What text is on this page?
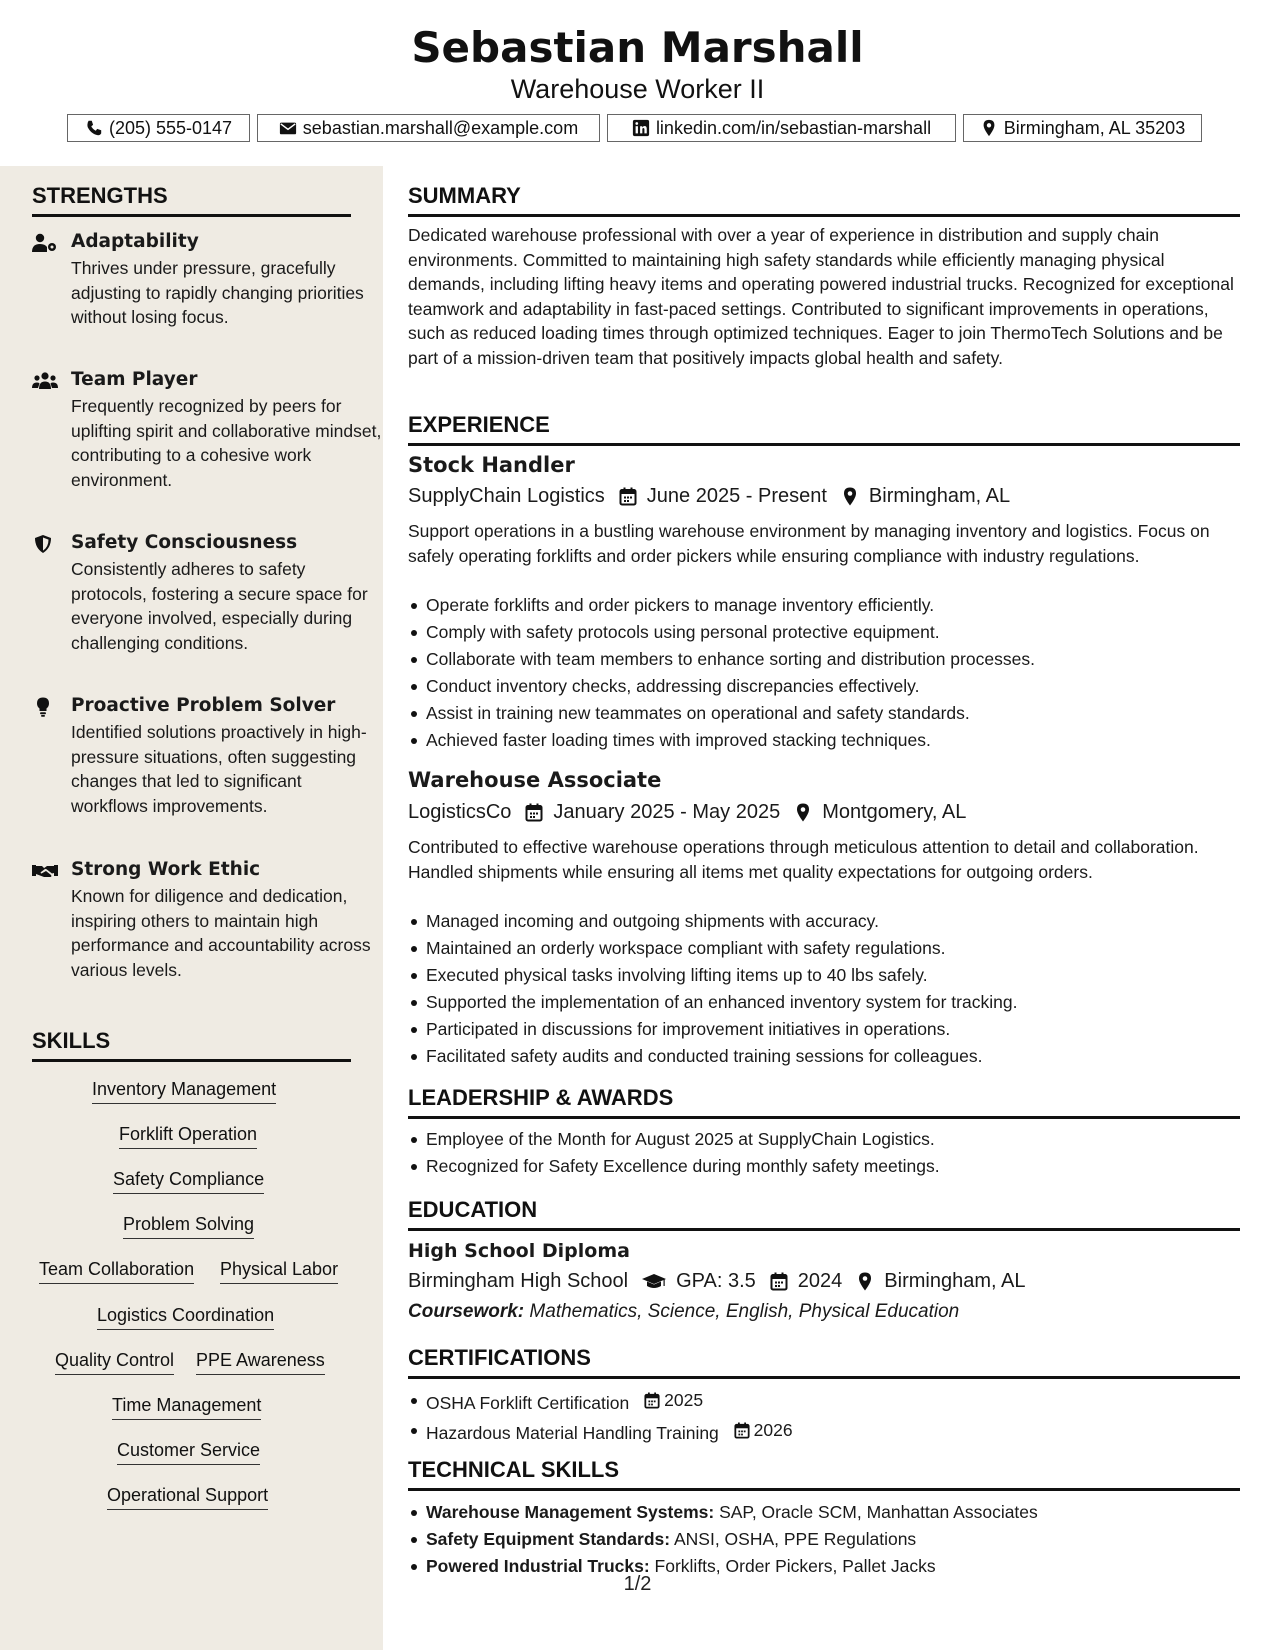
Sebastian Marshall
Warehouse Worker II
(205) 555-0147	sebastian.marshall@example.com	linkedin.com/in/sebastian-marshall	Birmingham, AL 35203
STRENGTHS
Adaptability
Thrives under pressure, gracefully adjusting to rapidly changing priorities without losing focus.
Team Player
Frequently recognized by peers for uplifting spirit and collaborative mindset, contributing to a cohesive work environment.
Safety Consciousness
Consistently adheres to safety protocols, fostering a secure space for everyone involved, especially during challenging conditions.
Proactive Problem Solver
Identified solutions proactively in high-pressure situations, often suggesting changes that led to significant workflows improvements.
Strong Work Ethic
Known for diligence and dedication, inspiring others to maintain high performance and accountability across various levels.
SKILLS
Inventory Management
Forklift Operation
Safety Compliance
Problem Solving
Team Collaboration Physical Labor
Logistics Coordination
Quality Control PPE Awareness
Time Management
Customer Service
Operational Support
SUMMARY
Dedicated warehouse professional with over a year of experience in distribution and supply chain environments. Committed to maintaining high safety standards while efficiently managing physical demands, including lifting heavy items and operating powered industrial trucks. Recognized for exceptional teamwork and adaptability in fast-paced settings. Contributed to significant improvements in operations, such as reduced loading times through optimized techniques. Eager to join ThermoTech Solutions and be part of a mission-driven team that positively impacts global health and safety.
EXPERIENCE
Stock Handler
SupplyChain Logistics June 2025 - Present Birmingham, AL
Support operations in a bustling warehouse environment by managing inventory and logistics. Focus on safely operating forklifts and order pickers while ensuring compliance with industry regulations.
Operate forklifts and order pickers to manage inventory efficiently.
Comply with safety protocols using personal protective equipment.
Collaborate with team members to enhance sorting and distribution processes.
Conduct inventory checks, addressing discrepancies effectively.
Assist in training new teammates on operational and safety standards.
Achieved faster loading times with improved stacking techniques.
Warehouse Associate
LogisticsCo January 2025 - May 2025 Montgomery, AL
Contributed to effective warehouse operations through meticulous attention to detail and collaboration. Handled shipments while ensuring all items met quality expectations for outgoing orders.
Managed incoming and outgoing shipments with accuracy.
Maintained an orderly workspace compliant with safety regulations.
Executed physical tasks involving lifting items up to 40 lbs safely.
Supported the implementation of an enhanced inventory system for tracking.
Participated in discussions for improvement initiatives in operations.
Facilitated safety audits and conducted training sessions for colleagues.
LEADERSHIP & AWARDS
Employee of the Month for August 2025 at SupplyChain Logistics.
Recognized for Safety Excellence during monthly safety meetings.
EDUCATION
High School Diploma
Birmingham High School GPA: 3.5 2024 Birmingham, AL
Coursework: Mathematics, Science, English, Physical Education
CERTIFICATIONS
OSHA Forklift Certification 2025
Hazardous Material Handling Training 2026
TECHNICAL SKILLS
Warehouse Management Systems: SAP, Oracle SCM, Manhattan Associates
Safety Equipment Standards: ANSI, OSHA, PPE Regulations
Powered Industrial Trucks: Forklifts, Order Pickers, Pallet Jacks
1/2
